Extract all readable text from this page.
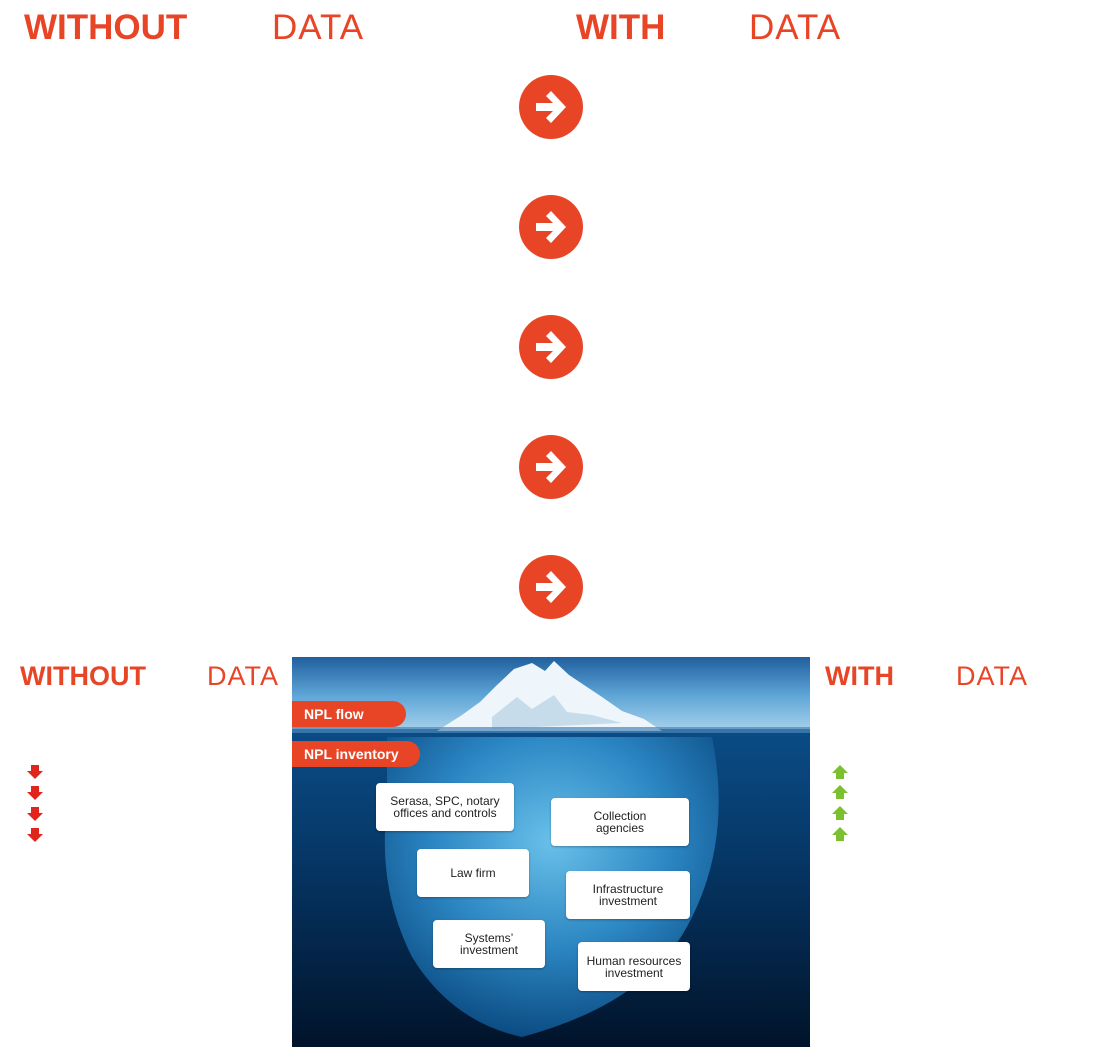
WITHOUT DATA	WITH DATA
WITHOUT DATA	WITH DATA
NPL flow
NPL inventory
Serasa, SPC, notary
offices and controls	Collection
agencies
Law firm
Infrastructure
investment
Systems’
investment
Human resources
investment
